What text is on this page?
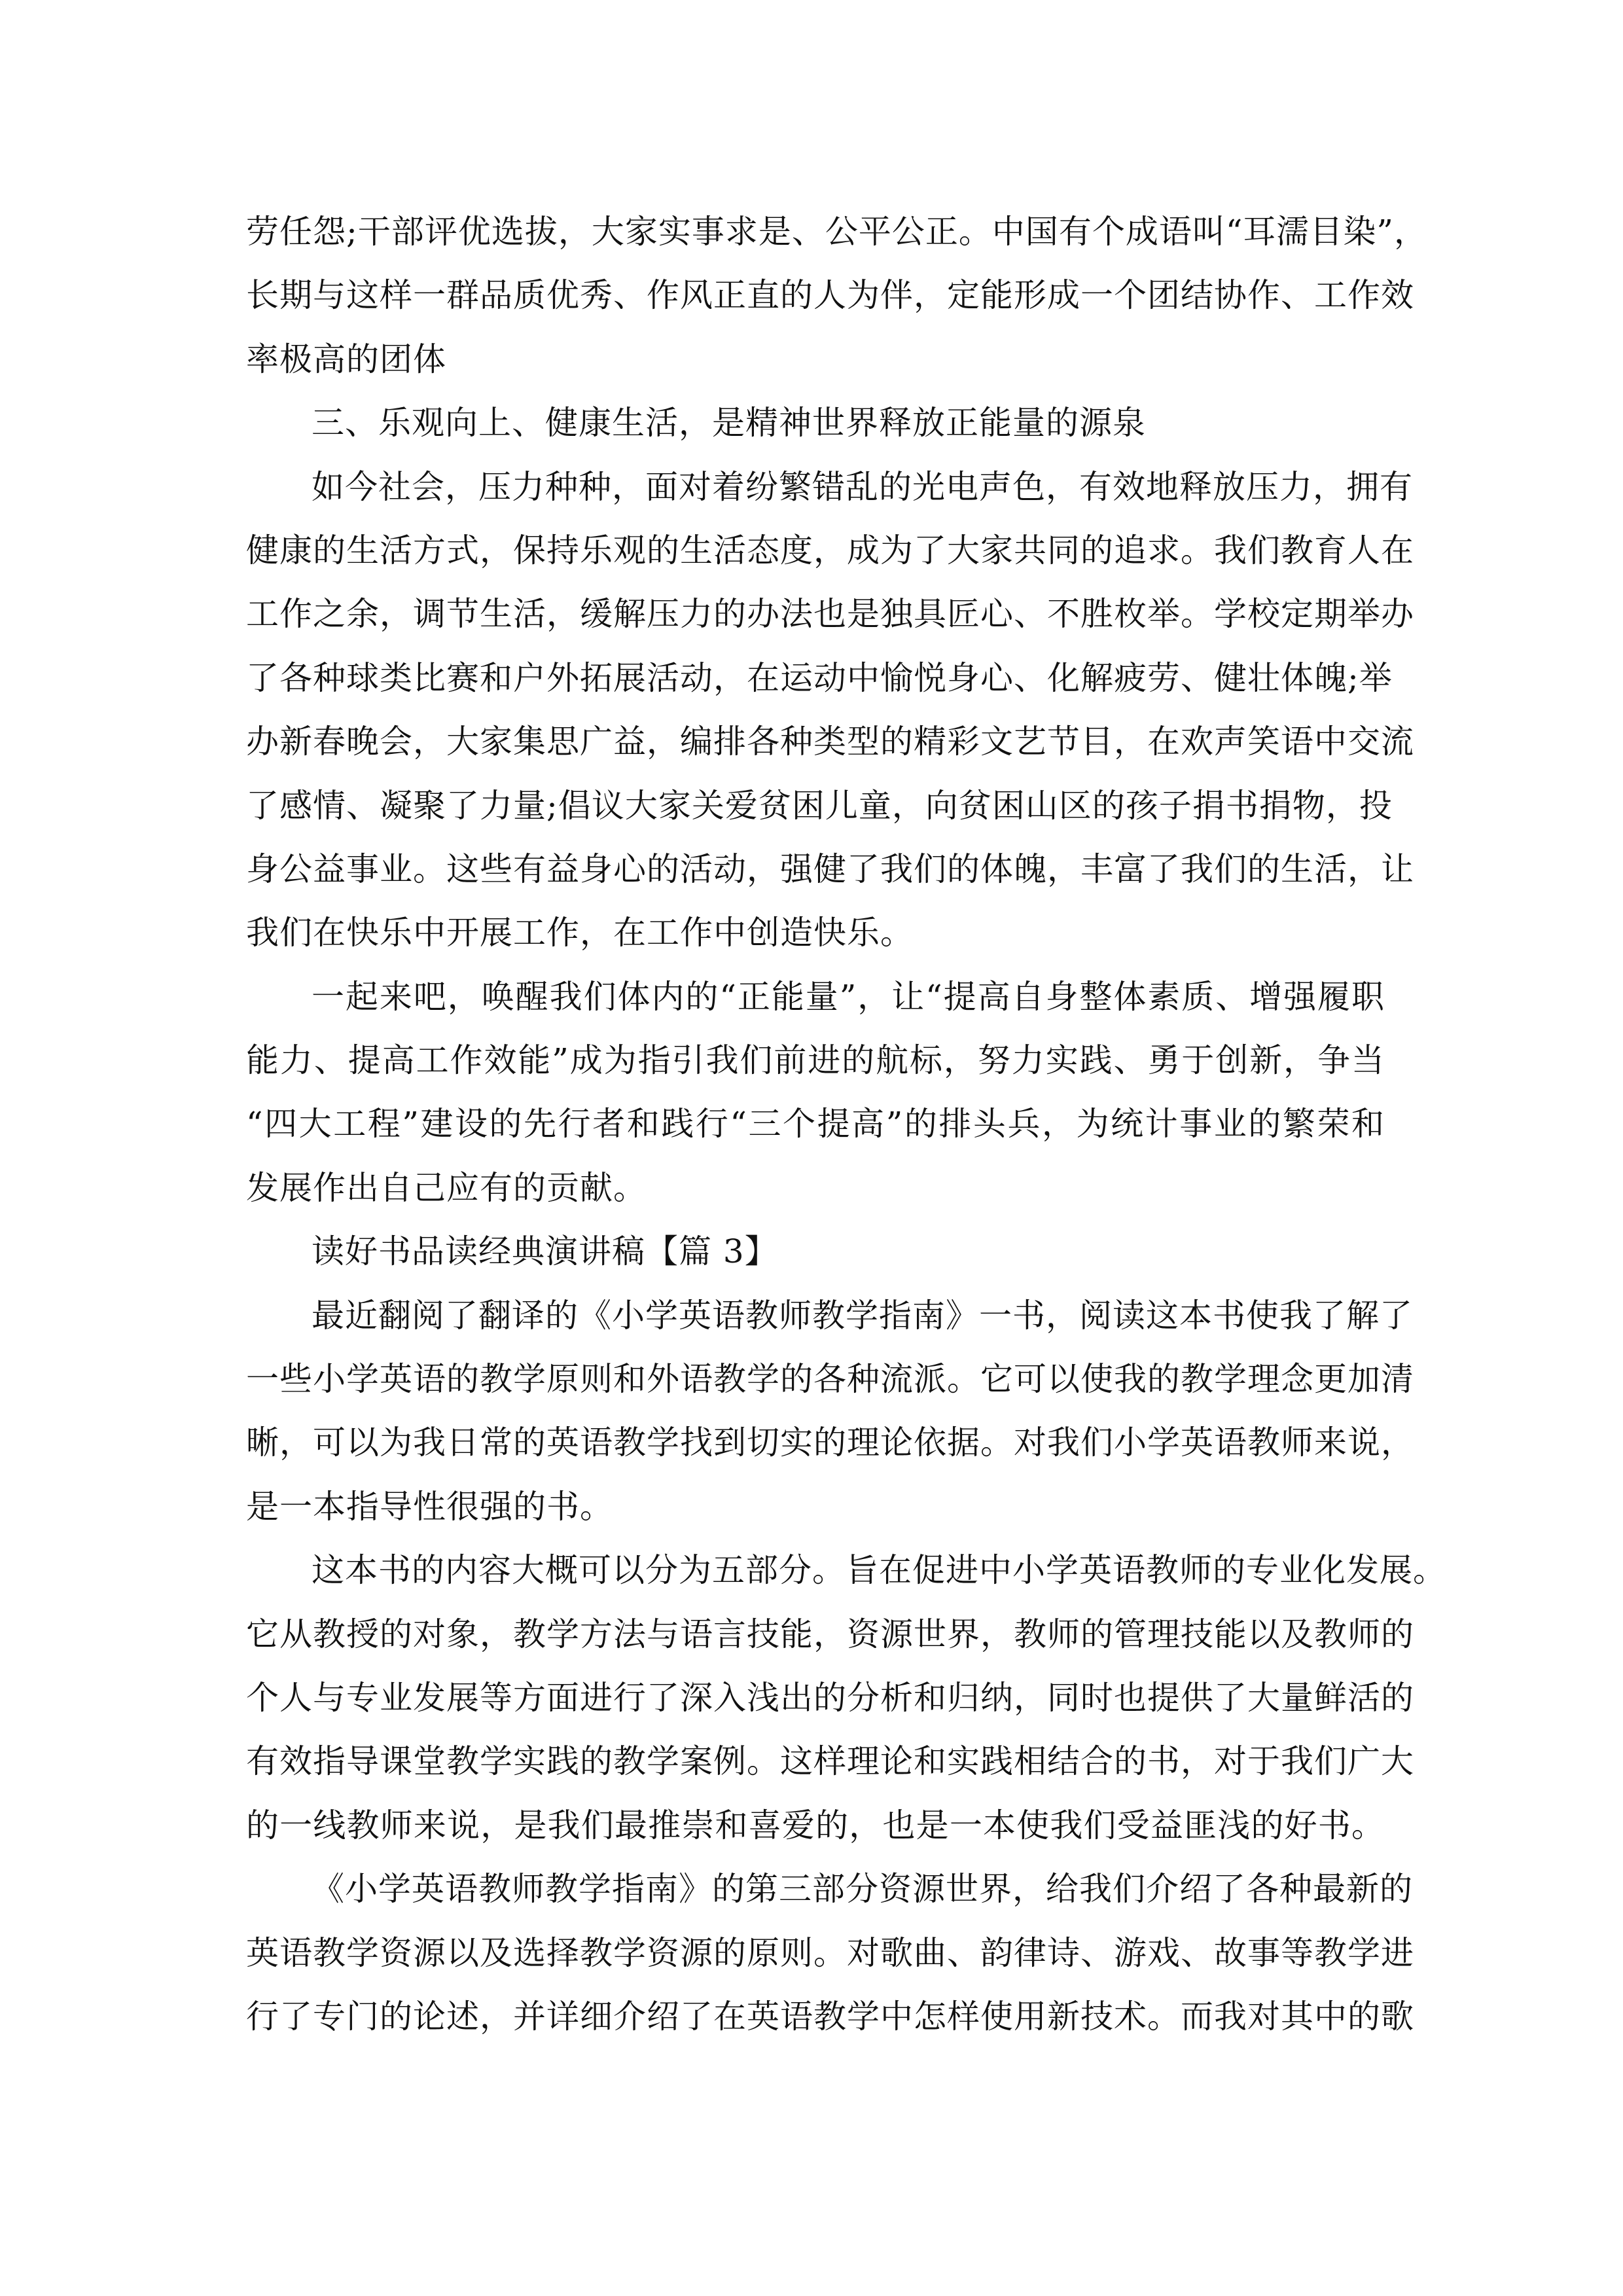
劳任怨;干部评优选拔，大家实事求是、公平公正。中国有个成语叫“耳濡目染”，
长期与这样一群品质优秀、作风正直的人为伴，定能形成一个团结协作、工作效
率极高的团体
三、乐观向上、健康生活，是精神世界释放正能量的源泉
如今社会，压力种种，面对着纷繁错乱的光电声色，有效地释放压力，拥有
健康的生活方式，保持乐观的生活态度，成为了大家共同的追求。我们教育人在
工作之余，调节生活，缓解压力的办法也是独具匠心、不胜枚举。学校定期举办
了各种球类比赛和户外拓展活动，在运动中愉悦身心、化解疲劳、健壮体魄;举
办新春晚会，大家集思广益，编排各种类型的精彩文艺节目，在欢声笑语中交流
了感情、凝聚了力量;倡议大家关爱贫困儿童，向贫困山区的孩子捐书捐物，投
身公益事业。这些有益身心的活动，强健了我们的体魄，丰富了我们的生活，让
我们在快乐中开展工作，在工作中创造快乐。
一起来吧，唤醒我们体内的“正能量”，让“提高自身整体素质、增强履职
能力、提高工作效能”成为指引我们前进的航标，努力实践、勇于创新，争当
“四大工程”建设的先行者和践行“三个提高”的排头兵，为统计事业的繁荣和
发展作出自己应有的贡献。
读好书品读经典演讲稿【篇 3】
最近翻阅了翻译的《小学英语教师教学指南》一书，阅读这本书使我了解了
一些小学英语的教学原则和外语教学的各种流派。它可以使我的教学理念更加清
晰，可以为我日常的英语教学找到切实的理论依据。对我们小学英语教师来说，
是一本指导性很强的书。
这本书的内容大概可以分为五部分。旨在促进中小学英语教师的专业化发展。
它从教授的对象，教学方法与语言技能，资源世界，教师的管理技能以及教师的
个人与专业发展等方面进行了深入浅出的分析和归纳，同时也提供了大量鲜活的
有效指导课堂教学实践的教学案例。这样理论和实践相结合的书，对于我们广大
的一线教师来说，是我们最推崇和喜爱的，也是一本使我们受益匪浅的好书。
《小学英语教师教学指南》的第三部分资源世界，给我们介绍了各种最新的
英语教学资源以及选择教学资源的原则。对歌曲、韵律诗、游戏、故事等教学进
行了专门的论述，并详细介绍了在英语教学中怎样使用新技术。而我对其中的歌
